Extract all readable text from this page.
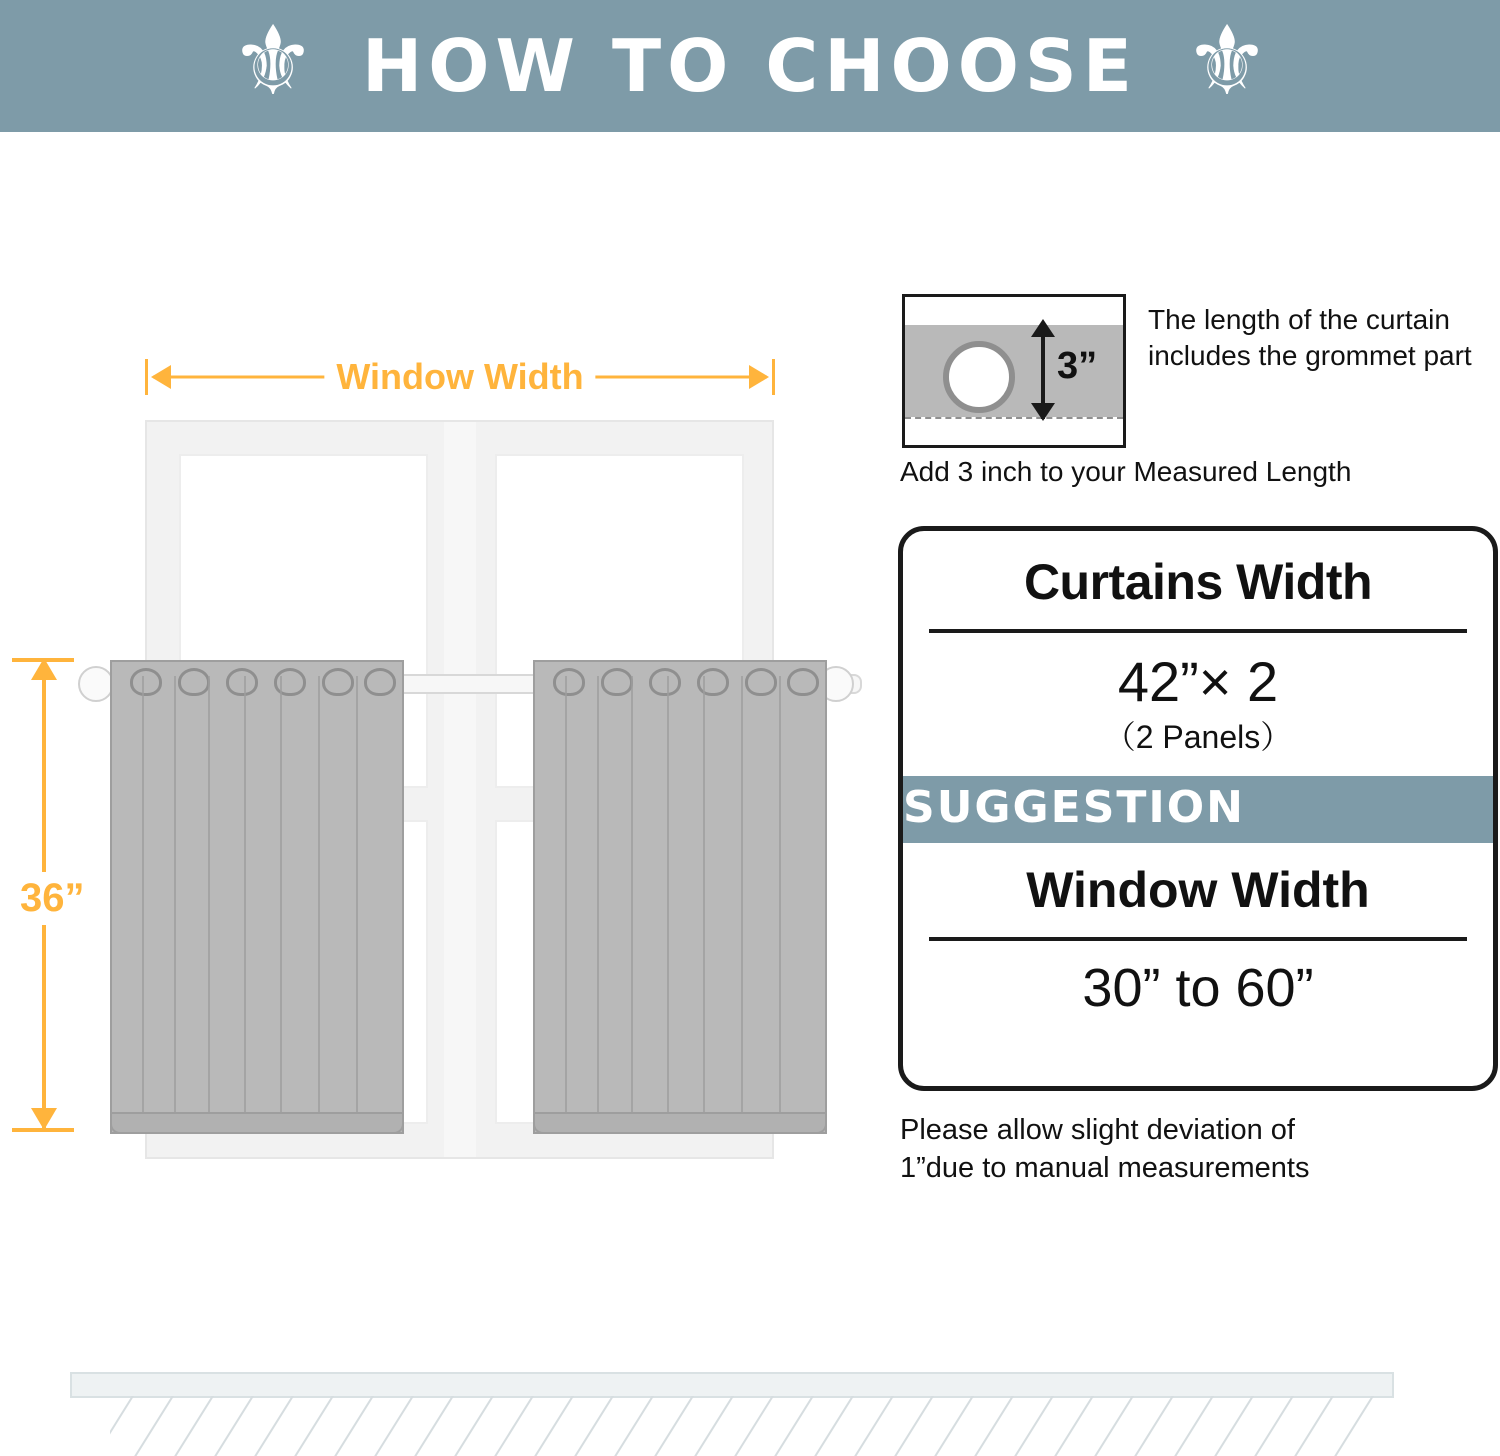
⚜ HOW TO CHOOSE ⚜
Window Width
36”
3”
The length of the curtain includes the grommet part
Add 3 inch to your Measured Length
Curtains Width
42”× 2
（2 Panels）
SUGGESTION
Window Width
30” to 60”
Please allow slight deviation of
1”due to manual measurements
